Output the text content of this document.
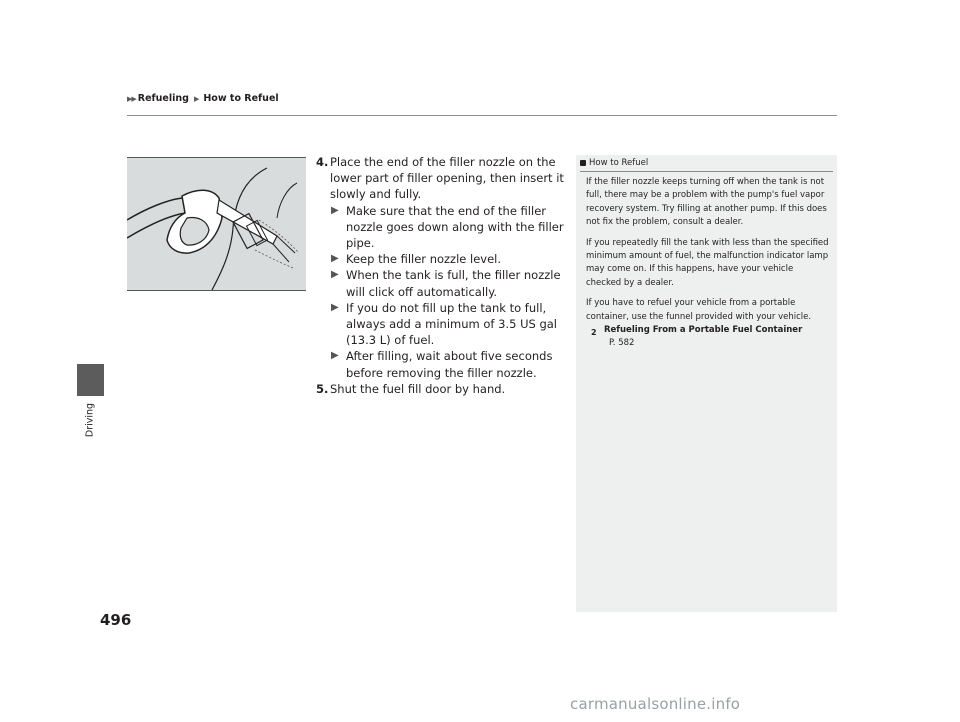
▶▶ Refueling ▶ How to Refuel
Driving
496
4. Place the end of the filler nozzle on the lower part of filler opening, then insert it slowly and fully.
▶ Make sure that the end of the filler nozzle goes down along with the filler pipe.
▶ Keep the filler nozzle level.
▶ When the tank is full, the filler nozzle will click off automatically.
▶ If you do not fill up the tank to full, always add a minimum of 3.5 US gal (13.3 L) of fuel.
▶ After filling, wait about five seconds before removing the filler nozzle.
5. Shut the fuel fill door by hand.
How to Refuel

If the filler nozzle keeps turning off when the tank is not full, there may be a problem with the pump's fuel vapor recovery system. Try filling at another pump. If this does not fix the problem, consult a dealer.

If you repeatedly fill the tank with less than the specified minimum amount of fuel, the malfunction indicator lamp may come on. If this happens, have your vehicle checked by a dealer.

If you have to refuel your vehicle from a portable container, use the funnel provided with your vehicle.

2 Refueling From a Portable Fuel Container
P. 582
carmanualsonline.info
